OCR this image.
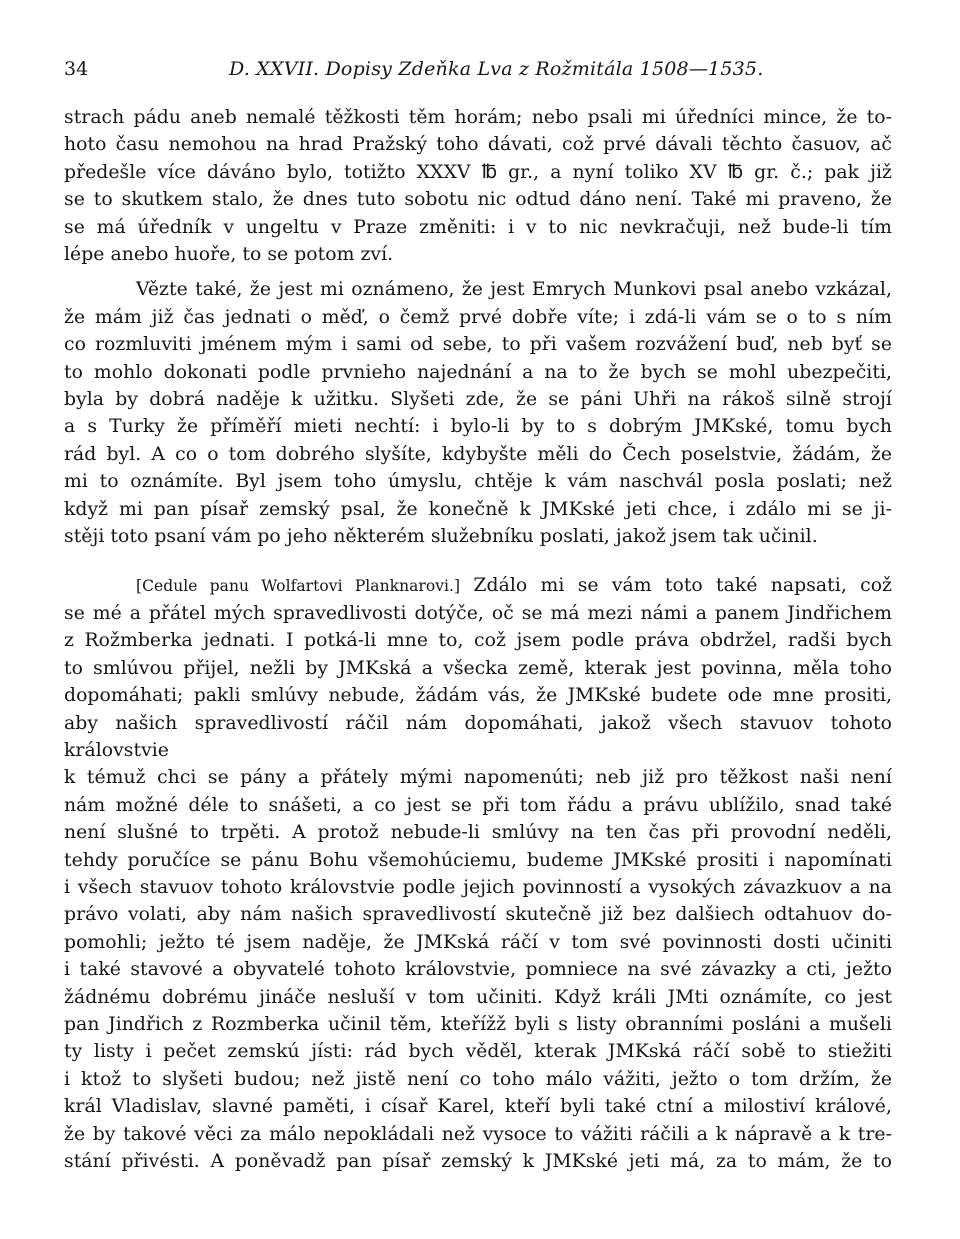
34	D. XXVII. Dopisy Zdeňka Lva z Rožmitála 1508—1535.

strach pádu aneb nemalé těžkosti těm horám; nebo psali mi úředníci mince, že to-
hoto času nemohou na hrad Pražský toho dávati, což prvé dávali těchto časuov, ač
předešle více dáváno bylo, totižto XXXV ℔ gr., a nyní toliko XV ℔ gr. č.; pak již
se to skutkem stalo, že dnes tuto sobotu nic odtud dáno není. Také mi praveno, že
se má úředník v ungeltu v Praze změniti: i v to nic nevkračuji, než bude-li tím
lépe anebo huoře, to se potom zví.

Vězte také, že jest mi oznámeno, že jest Emrych Munkovi psal anebo vzkázal,
že mám již čas jednati o měď, o čemž prvé dobře víte; i zdá-li vám se o to s ním
co rozmluviti jménem mým i sami od sebe, to při vašem rozvážení buď, neb byť se
to mohlo dokonati podle prvnieho najednání a na to že bych se mohl ubezpečiti,
byla by dobrá naděje k užitku. Slyšeti zde, že se páni Uhři na rákoš silně strojí
a s Turky že příměří mieti nechtí: i bylo-li by to s dobrým JMKské, tomu bych
rád byl. A co o tom dobrého slyšíte, kdybyšte měli do Čech poselstvie, žádám, že
mi to oznámíte. Byl jsem toho úmyslu, chtěje k vám naschvál posla poslati; než
když mi pan písař zemský psal, že konečně k JMKské jeti chce, i zdálo mi se ji-
stěji toto psaní vám po jeho některém služebníku poslati, jakož jsem tak učinil.

[Cedule panu Wolfartovi Planknarovi.] Zdálo mi se vám toto také napsati, což
se mé a přátel mých spravedlivosti dotýče, oč se má mezi námi a panem Jindřichem
z Rožmberka jednati. I potká-li mne to, což jsem podle práva obdržel, radši bych
to smlúvou přijel, nežli by JMKská a všecka země, kterak jest povinna, měla toho
dopomáhati; pakli smlúvy nebude, žádám vás, že JMKské budete ode mne prositi,
aby našich spravedlivostí ráčil nám dopomáhati, jakož všech stavuov tohoto královstvie
k témuž chci se pány a přátely mými napomenúti; neb již pro těžkost naši není
nám možné déle to snášeti, a co jest se při tom řádu a právu ublížilo, snad také
není slušné to trpěti. A protož nebude-li smlúvy na ten čas při provodní neděli,
tehdy poručíce se pánu Bohu všemohúciemu, budeme JMKské prositi i napomínati
i všech stavuov tohoto královstvie podle jejich povinností a vysokých závazkuov a na
právo volati, aby nám našich spravedlivostí skutečně již bez dalšiech odtahuov do-
pomohli; ježto té jsem naděje, že JMKská ráčí v tom své povinnosti dosti učiniti
i také stavové a obyvatelé tohoto královstvie, pomniece na své závazky a cti, ježto
žádnému dobrému jináče nesluší v tom učiniti. Když králi JMti oznámíte, co jest
pan Jindřich z Rozmberka učinil těm, kteřížž byli s listy obranními posláni a mušeli
ty listy i pečet zemskú jísti: rád bych věděl, kterak JMKská ráčí sobě to stiežiti
i ktož to slyšeti budou; než jistě není co toho málo vážiti, ježto o tom držím, že
král Vladislav, slavné paměti, i císař Karel, kteří byli také ctní a milostiví králové,
že by takové věci za málo nepokládali než vysoce to vážiti ráčili a k nápravě a k tre-
stání přivésti. A poněvadž pan písař zemský k JMKské jeti má, za to mám, že to
